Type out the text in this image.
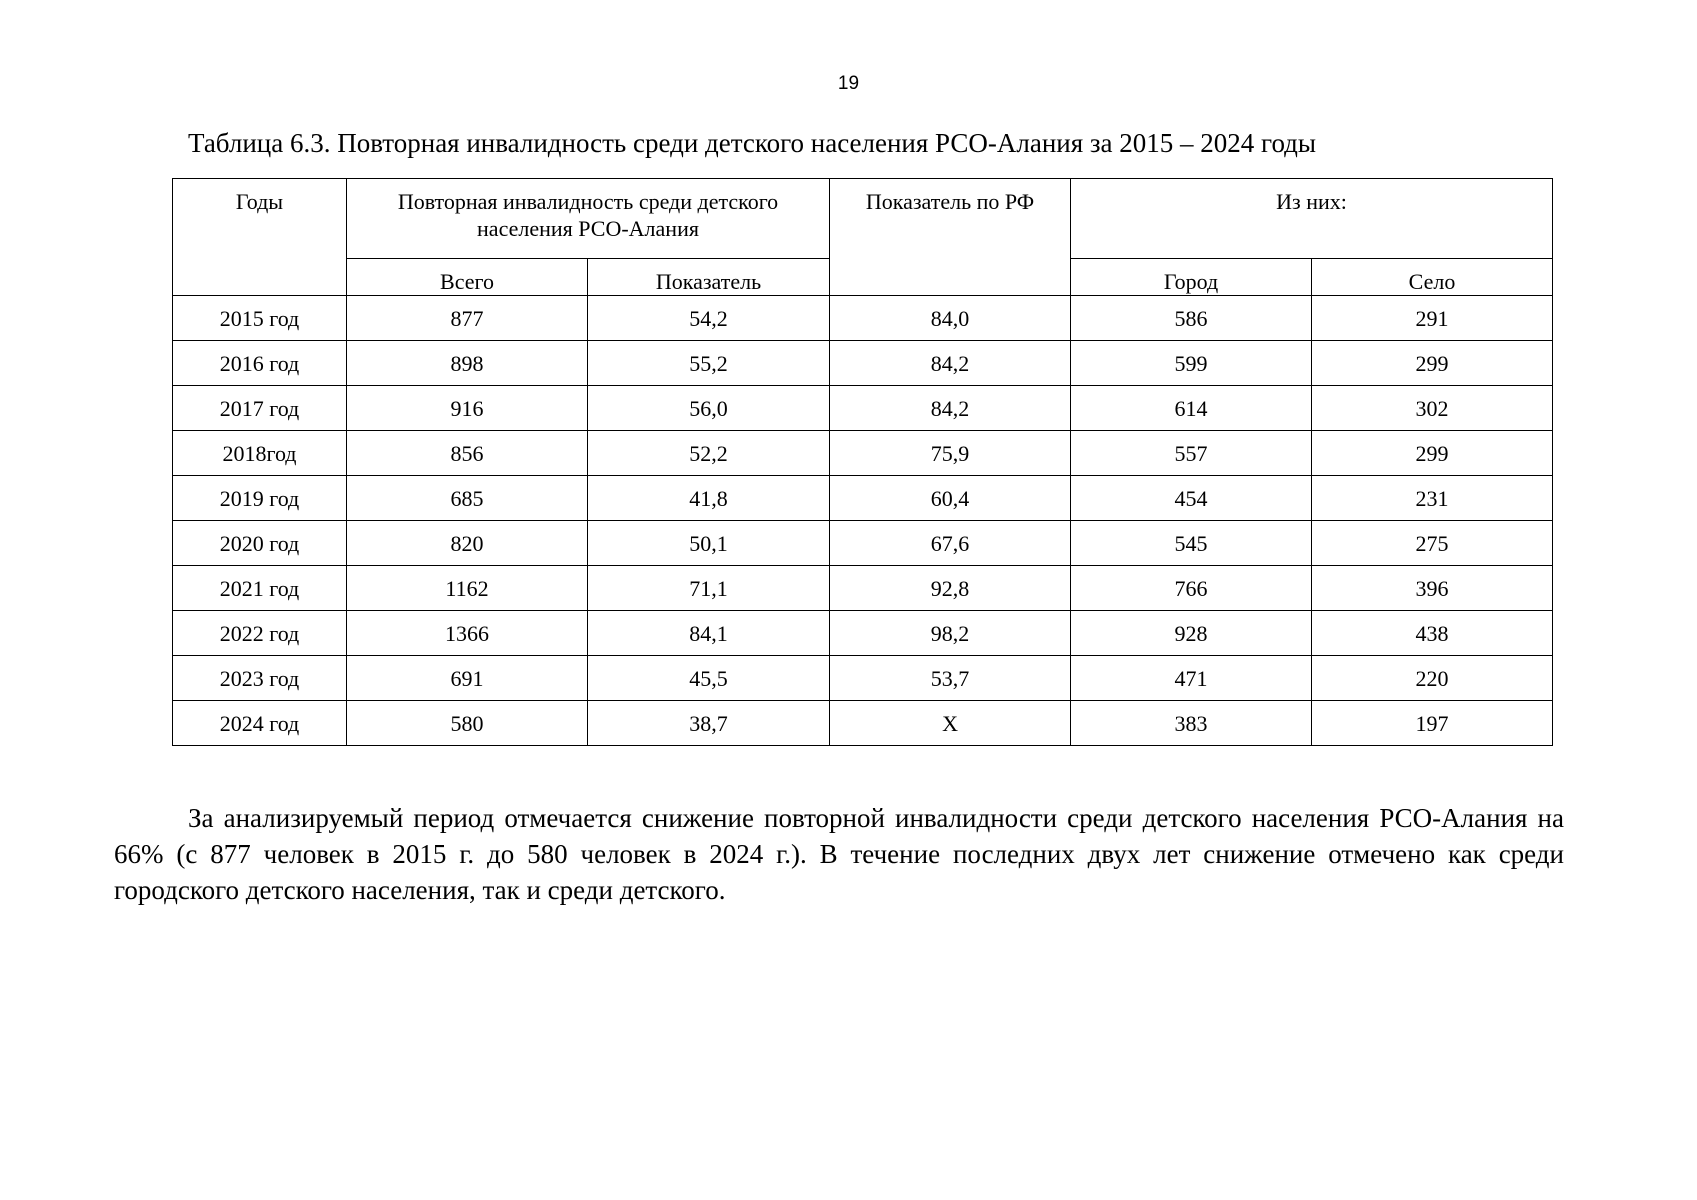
19
Таблица 6.3. Повторная инвалидность среди детского населения РСО-Алания за 2015 – 2024 годы
Годы	Повторная инвалидность среди детского населения РСО-Алания		Показатель по РФ	Из них:	
	Всего	Показатель		Город	Село
2015 год	877	54,2	84,0	586	291
2016 год	898	55,2	84,2	599	299
2017 год	916	56,0	84,2	614	302
2018год	856	52,2	75,9	557	299
2019 год	685	41,8	60,4	454	231
2020 год	820	50,1	67,6	545	275
2021 год	1162	71,1	92,8	766	396
2022 год	1366	84,1	98,2	928	438
2023 год	691	45,5	53,7	471	220
2024 год	580	38,7	Х	383	197
За анализируемый период отмечается снижение повторной инвалидности среди детского населения РСО-Алания на 66% (с 877 человек в 2015 г. до 580 человек в 2024 г.). В течение последних двух лет снижение отмечено как среди городского детского населения, так и среди детского.
